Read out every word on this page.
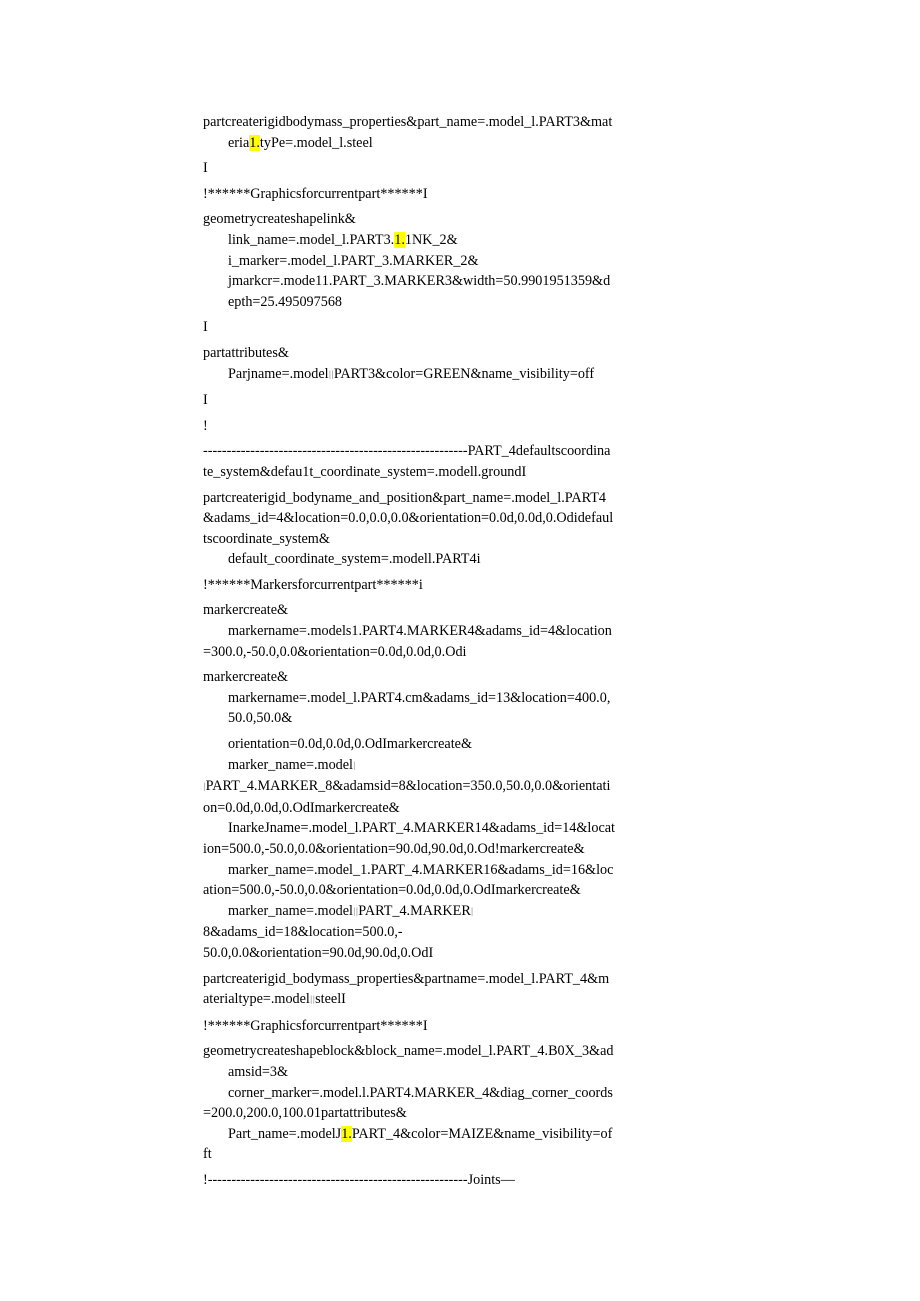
partcreaterigidbodymass_properties&part_name=.model_l.PART3&mat
eria1.tyPe=.model_l.steel
I
!******Graphicsforcurrentpart******I
geometrycreateshapelink&
link_name=.model_l.PART3.1.1NK_2&
i_marker=.model_l.PART_3.MARKER_2&
jmarkcr=.mode11.PART_3.MARKER3&width=50.9901951359&d
epth=25.495097568
I
partattributes&
Parjname=.model∣∣PART3&color=GREEN&name_visibility=off
I
!
--------------------------------------------------------PART_4defaultscoordina
te_system&defau1t_coordinate_system=.modell.groundI
partcreaterigid_bodyname_and_position&part_name=.model_l.PART4
&adams_id=4&location=0.0,0.0,0.0&orientation=0.0d,0.0d,0.Odidefaul
tscoordinate_system&
default_coordinate_system=.modell.PART4i
!******Markersforcurrentpart******i
markercreate&
markername=.models1.PART4.MARKER4&adams_id=4&location
=300.0,-50.0,0.0&orientation=0.0d,0.0d,0.Odi
markercreate&
markername=.model_l.PART4.cm&adams_id=13&location=400.0,
50.0,50.0&
orientation=0.0d,0.0d,0.OdImarkercreate&
marker_name=.model∣
∣PART_4.MARKER_8&adamsid=8&location=350.0,50.0,0.0&orientati
on=0.0d,0.0d,0.OdImarkercreate&
InarkeJname=.model_l.PART_4.MARKER14&adams_id=14&locat
ion=500.0,-50.0,0.0&orientation=90.0d,90.0d,0.Od!markercreate&
marker_name=.model_1.PART_4.MARKER16&adams_id=16&loc
ation=500.0,-50.0,0.0&orientation=0.0d,0.0d,0.OdImarkercreate&
marker_name=.model∣∣PART_4.MARKER∣
8&adams_id=18&location=500.0,-
50.0,0.0&orientation=90.0d,90.0d,0.OdI
partcreaterigid_bodymass_properties&partname=.model_l.PART_4&m
aterialtype=.model∣∣steelI
!******Graphicsforcurrentpart******I
geometrycreateshapeblock&block_name=.model_l.PART_4.B0X_3&ad
amsid=3&
corner_marker=.model.l.PART4.MARKER_4&diag_corner_coords
=200.0,200.0,100.01partattributes&
Part_name=.modelJ1.PART_4&color=MAIZE&name_visibility=of
ft
!-------------------------------------------------------Joints—
